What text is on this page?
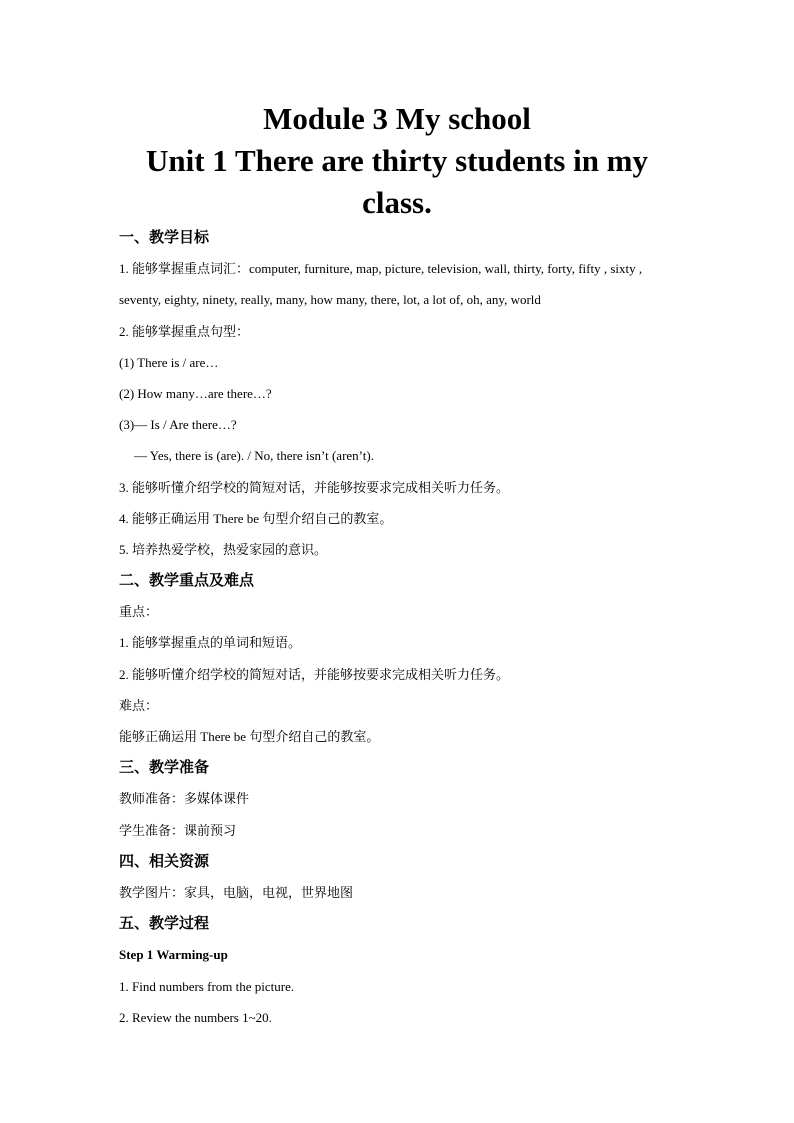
Module 3 My school

Unit 1 There are thirty students in my

class.

一、教学目标
1. 能够掌握重点词汇：computer, furniture, map, picture, television, wall, thirty, forty, fifty , sixty ,
seventy, eighty, ninety, really, many, how many, there, lot, a lot of, oh, any, world
2. 能够掌握重点句型：
(1) There is / are…
(2) How many…are there…?
(3)— Is / Are there…?
— Yes, there is (are). / No, there isn’t (aren’t).
3. 能够听懂介绍学校的简短对话，并能够按要求完成相关听力任务。
4. 能够正确运用 There be 句型介绍自己的教室。
5. 培养热爱学校，热爱家园的意识。
二、教学重点及难点
重点：
1. 能够掌握重点的单词和短语。
2. 能够听懂介绍学校的简短对话，并能够按要求完成相关听力任务。
难点：
能够正确运用 There be 句型介绍自己的教室。
三、教学准备
教师准备：多媒体课件
学生准备：课前预习
四、相关资源
教学图片：家具，电脑，电视，世界地图
五、教学过程
Step 1 Warming-up
1. Find numbers from the picture.
2. Review the numbers 1~20.
